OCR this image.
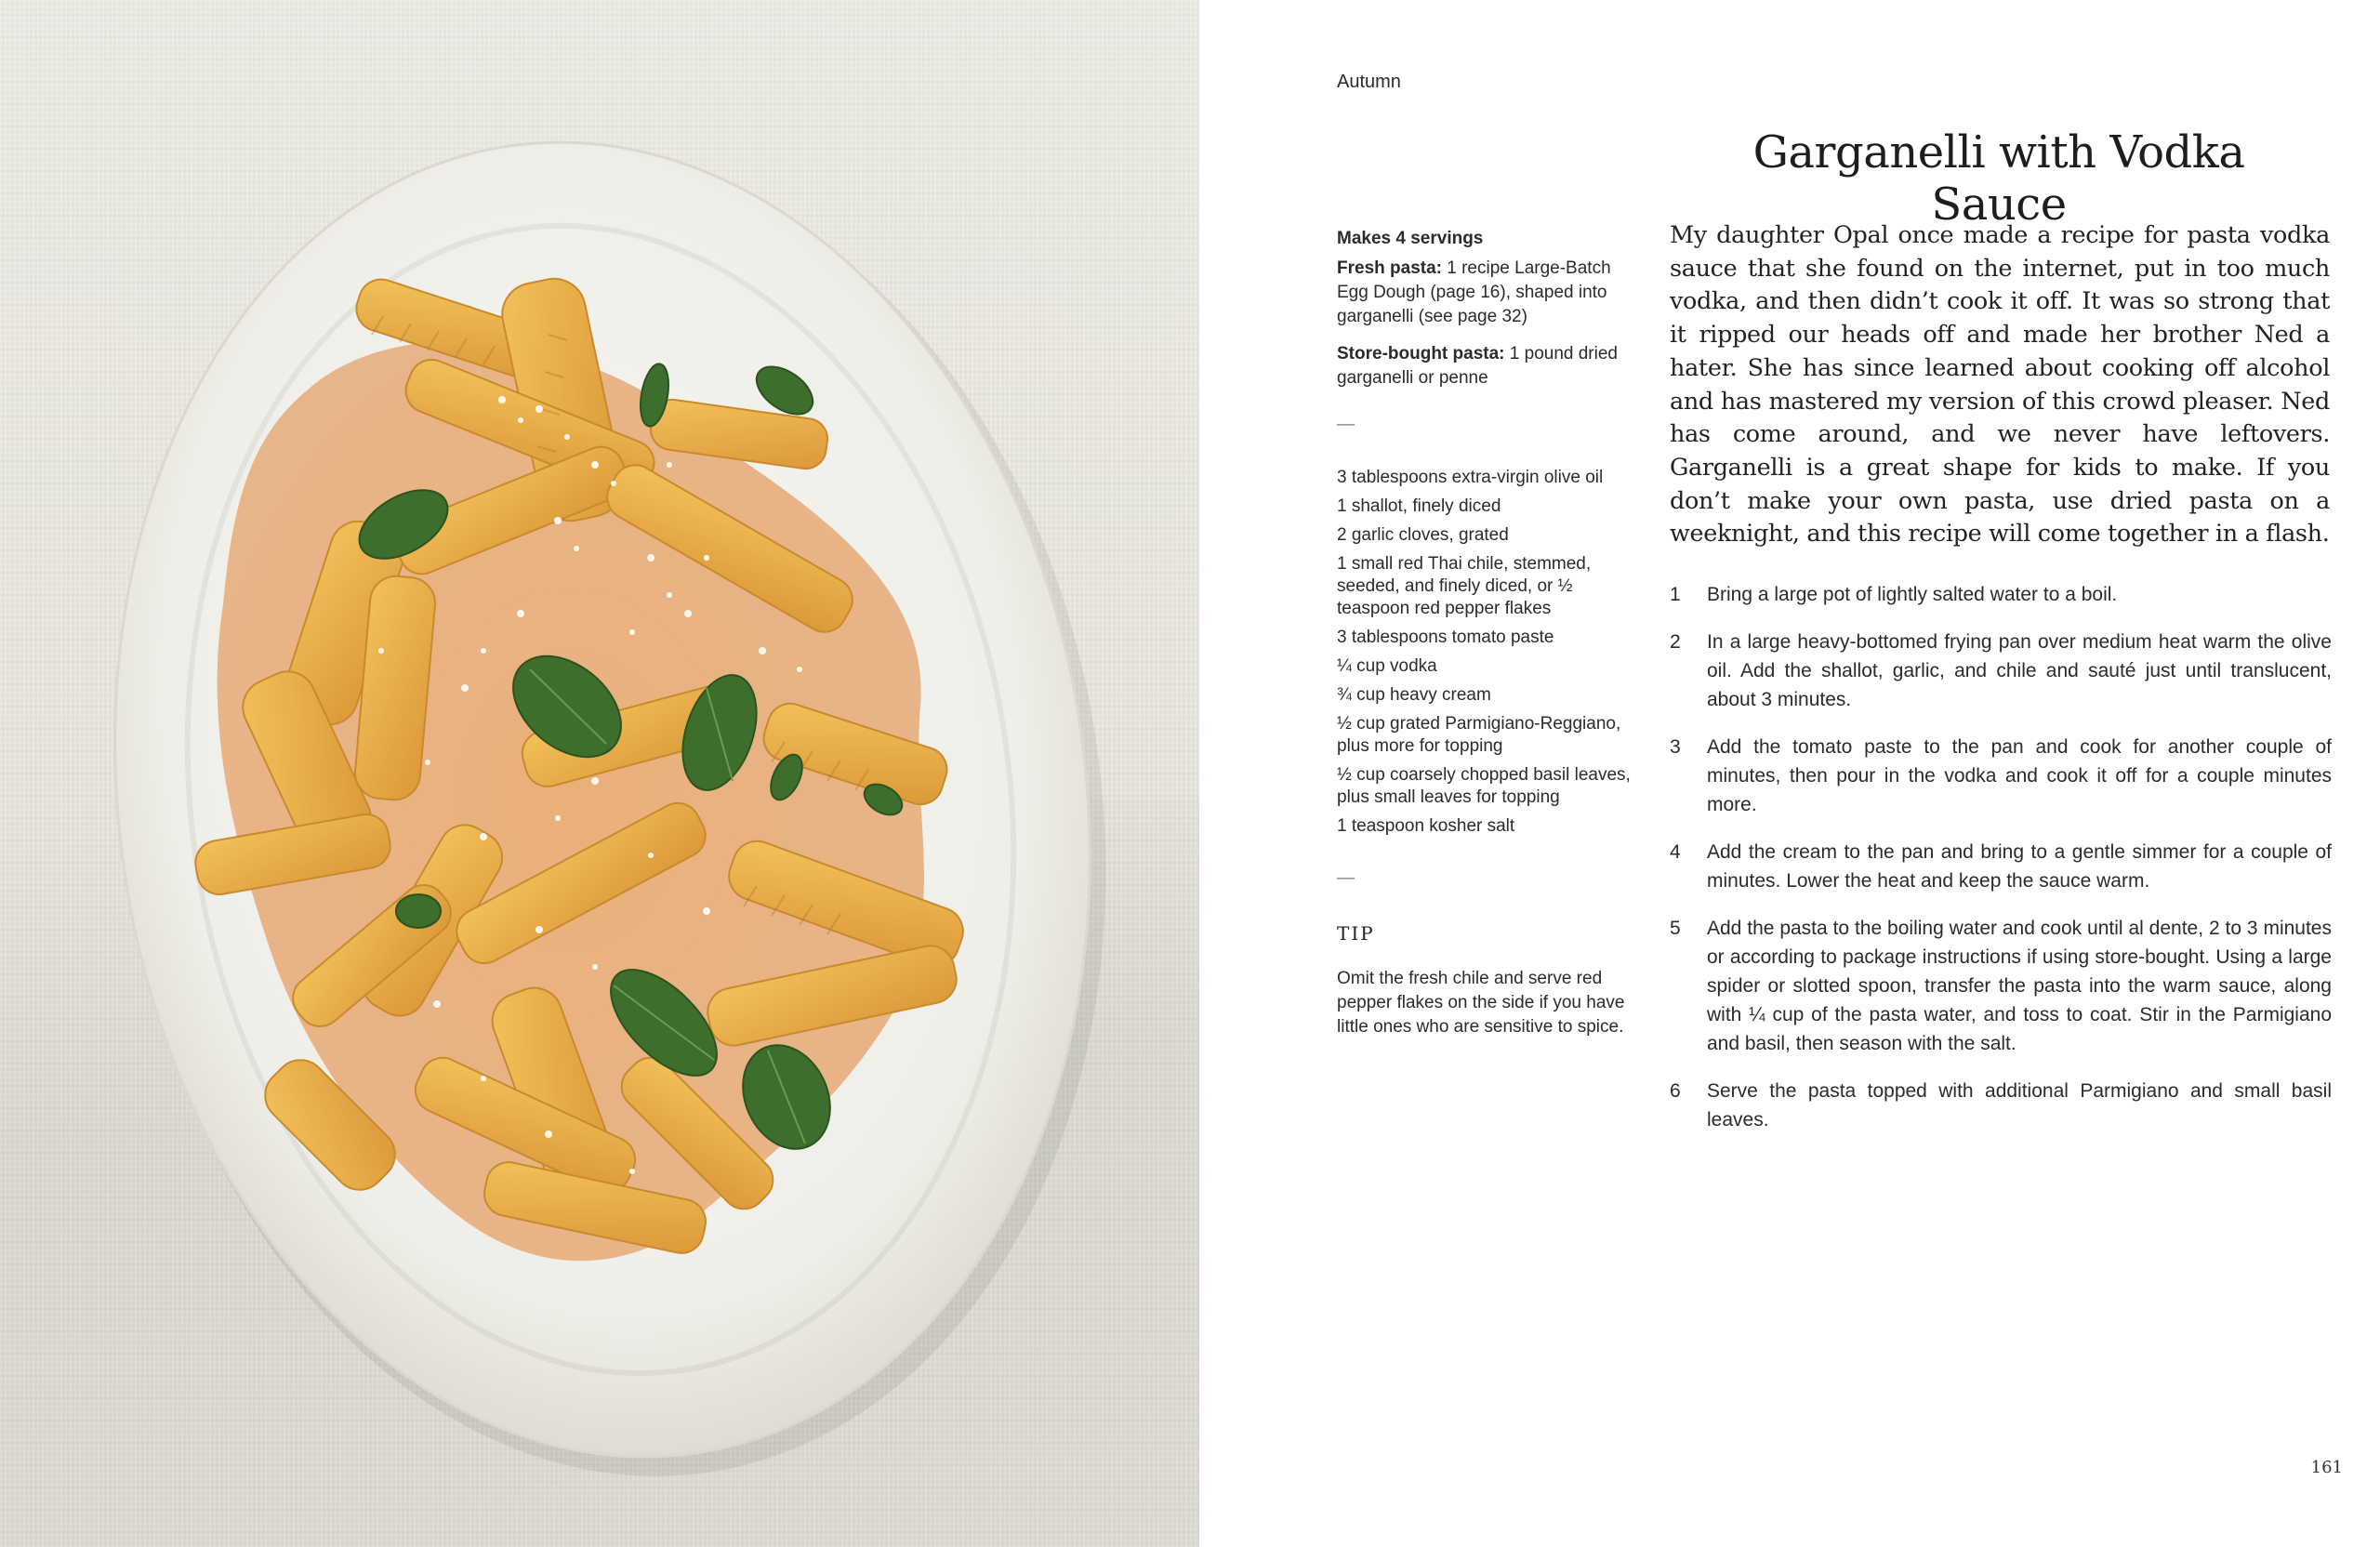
Autumn
Garganelli with Vodka Sauce

Makes 4 servings

Fresh pasta: 1 recipe Large-Batch Egg Dough (page 16), shaped into garganelli (see page 32)

Store-bought pasta: 1 pound dried garganelli or penne

—
3 tablespoons extra-virgin olive oil
1 shallot, finely diced
2 garlic cloves, grated
1 small red Thai chile, stemmed, seeded, and finely diced, or ½ teaspoon red pepper flakes
3 tablespoons tomato paste
¼ cup vodka
¾ cup heavy cream
½ cup grated Parmigiano-Reggiano, plus more for topping
½ cup coarsely chopped basil leaves, plus small leaves for topping
1 teaspoon kosher salt
—
TIP

Omit the fresh chile and serve red pepper flakes on the side if you have little ones who are sensitive to spice.

My daughter Opal once made a recipe for pasta vodka sauce that she found on the internet, put in too much vodka, and then didn’t cook it off. It was so strong that it ripped our heads off and made her brother Ned a hater. She has since learned about cooking off alcohol and has mastered my version of this crowd pleaser. Ned has come around, and we never have leftovers. Garganelli is a great shape for kids to make. If you don’t make your own pasta, use dried pasta on a weeknight, and this recipe will come together in a flash.

1	Bring a large pot of lightly salted water to a boil.
2	In a large heavy-bottomed frying pan over medium heat warm the olive oil. Add the shallot, garlic, and chile and sauté just until translucent, about 3 minutes.
3	Add the tomato paste to the pan and cook for another couple of minutes, then pour in the vodka and cook it off for a couple minutes more.
4	Add the cream to the pan and bring to a gentle simmer for a couple of minutes. Lower the heat and keep the sauce warm.
5	Add the pasta to the boiling water and cook until al dente, 2 to 3 minutes or according to package instructions if using store-bought. Using a large spider or slotted spoon, transfer the pasta into the warm sauce, along with ¼ cup of the pasta water, and toss to coat. Stir in the Parmigiano and basil, then season with the salt.
6	Serve the pasta topped with additional Parmigiano and small basil leaves.
161
